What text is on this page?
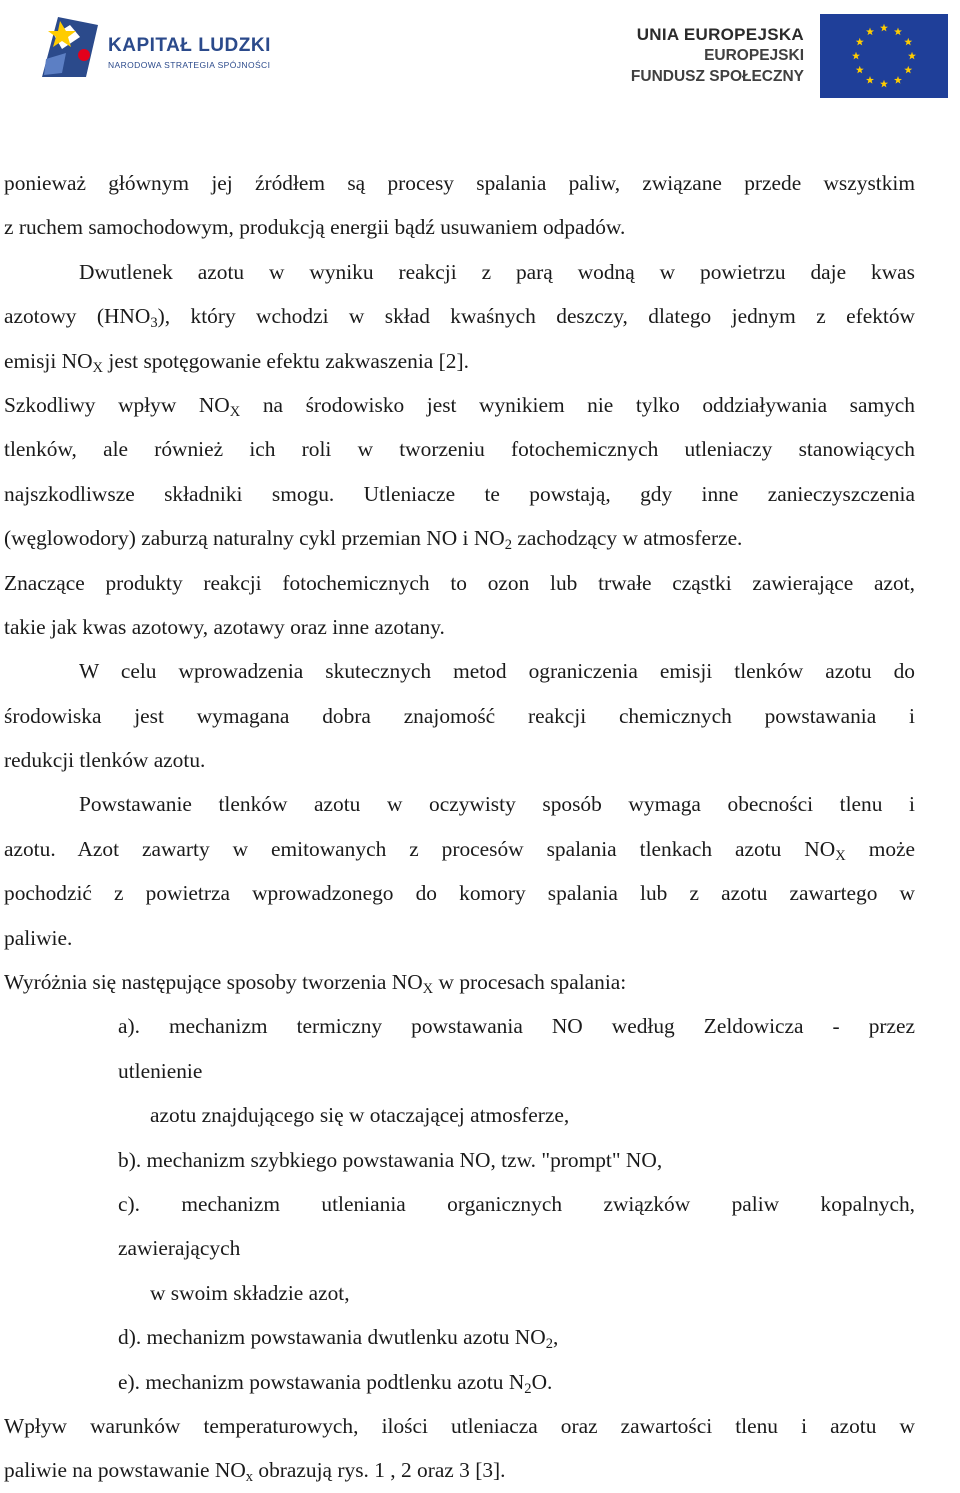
KAPITAŁ LUDZKI
NARODOWA STRATEGIA SPÓJNOŚCI
UNIA EUROPEJSKA
EUROPEJSKI
FUNDUSZ SPOŁECZNY
ponieważ głównym jej źródłem są procesy spalania paliw, związane przede wszystkim
z ruchem samochodowym, produkcją energii bądź usuwaniem odpadów.
Dwutlenek azotu w wyniku reakcji z parą wodną w powietrzu daje kwas
azotowy $(HNO_3)$, który wchodzi w skład kwaśnych deszczy, dlatego jednym z efektów
emisji $NO_X$ jest spotęgowanie efektu zakwaszenia [2].
Szkodliwy wpływ $NO_X$ na środowisko jest wynikiem nie tylko oddziaływania samych
tlenków, ale również ich roli w tworzeniu fotochemicznych utleniaczy stanowiących
najszkodliwsze składniki smogu. Utleniacze te powstają, gdy inne zanieczyszczenia
(węglowodory) zaburzą naturalny cykl przemian NO i $NO_2$ zachodzący w atmosferze.
Znaczące produkty reakcji fotochemicznych to ozon lub trwałe cząstki zawierające azot,
takie jak kwas azotowy, azotawy oraz inne azotany.
W celu wprowadzenia skutecznych metod ograniczenia emisji tlenków azotu do
środowiska jest wymagana dobra znajomość reakcji chemicznych powstawania i
redukcji tlenków azotu.
Powstawanie tlenków azotu w oczywisty sposób wymaga obecności tlenu i
azotu. Azot zawarty w emitowanych z procesów spalania tlenkach azotu $NO_X$ może
pochodzić z powietrza wprowadzonego do komory spalania lub z azotu zawartego w
paliwie.
Wyróżnia się następujące sposoby tworzenia $NO_X$ w procesach spalania:
a). mechanizm termiczny powstawania NO według Zeldowicza - przez
utlenienie
azotu znajdującego się w otaczającej atmosferze,
b). mechanizm szybkiego powstawania NO, tzw. "prompt" NO,
c). mechanizm utleniania organicznych związków paliw kopalnych,
zawierających
w swoim składzie azot,
d). mechanizm powstawania dwutlenku azotu $NO_2$,
e). mechanizm powstawania podtlenku azotu $N_2O$.
Wpływ warunków temperaturowych, ilości utleniacza oraz zawartości tlenu i azotu w
paliwie na powstawanie $NO_x$ obrazują rys. 1 , 2 oraz 3 [3].
